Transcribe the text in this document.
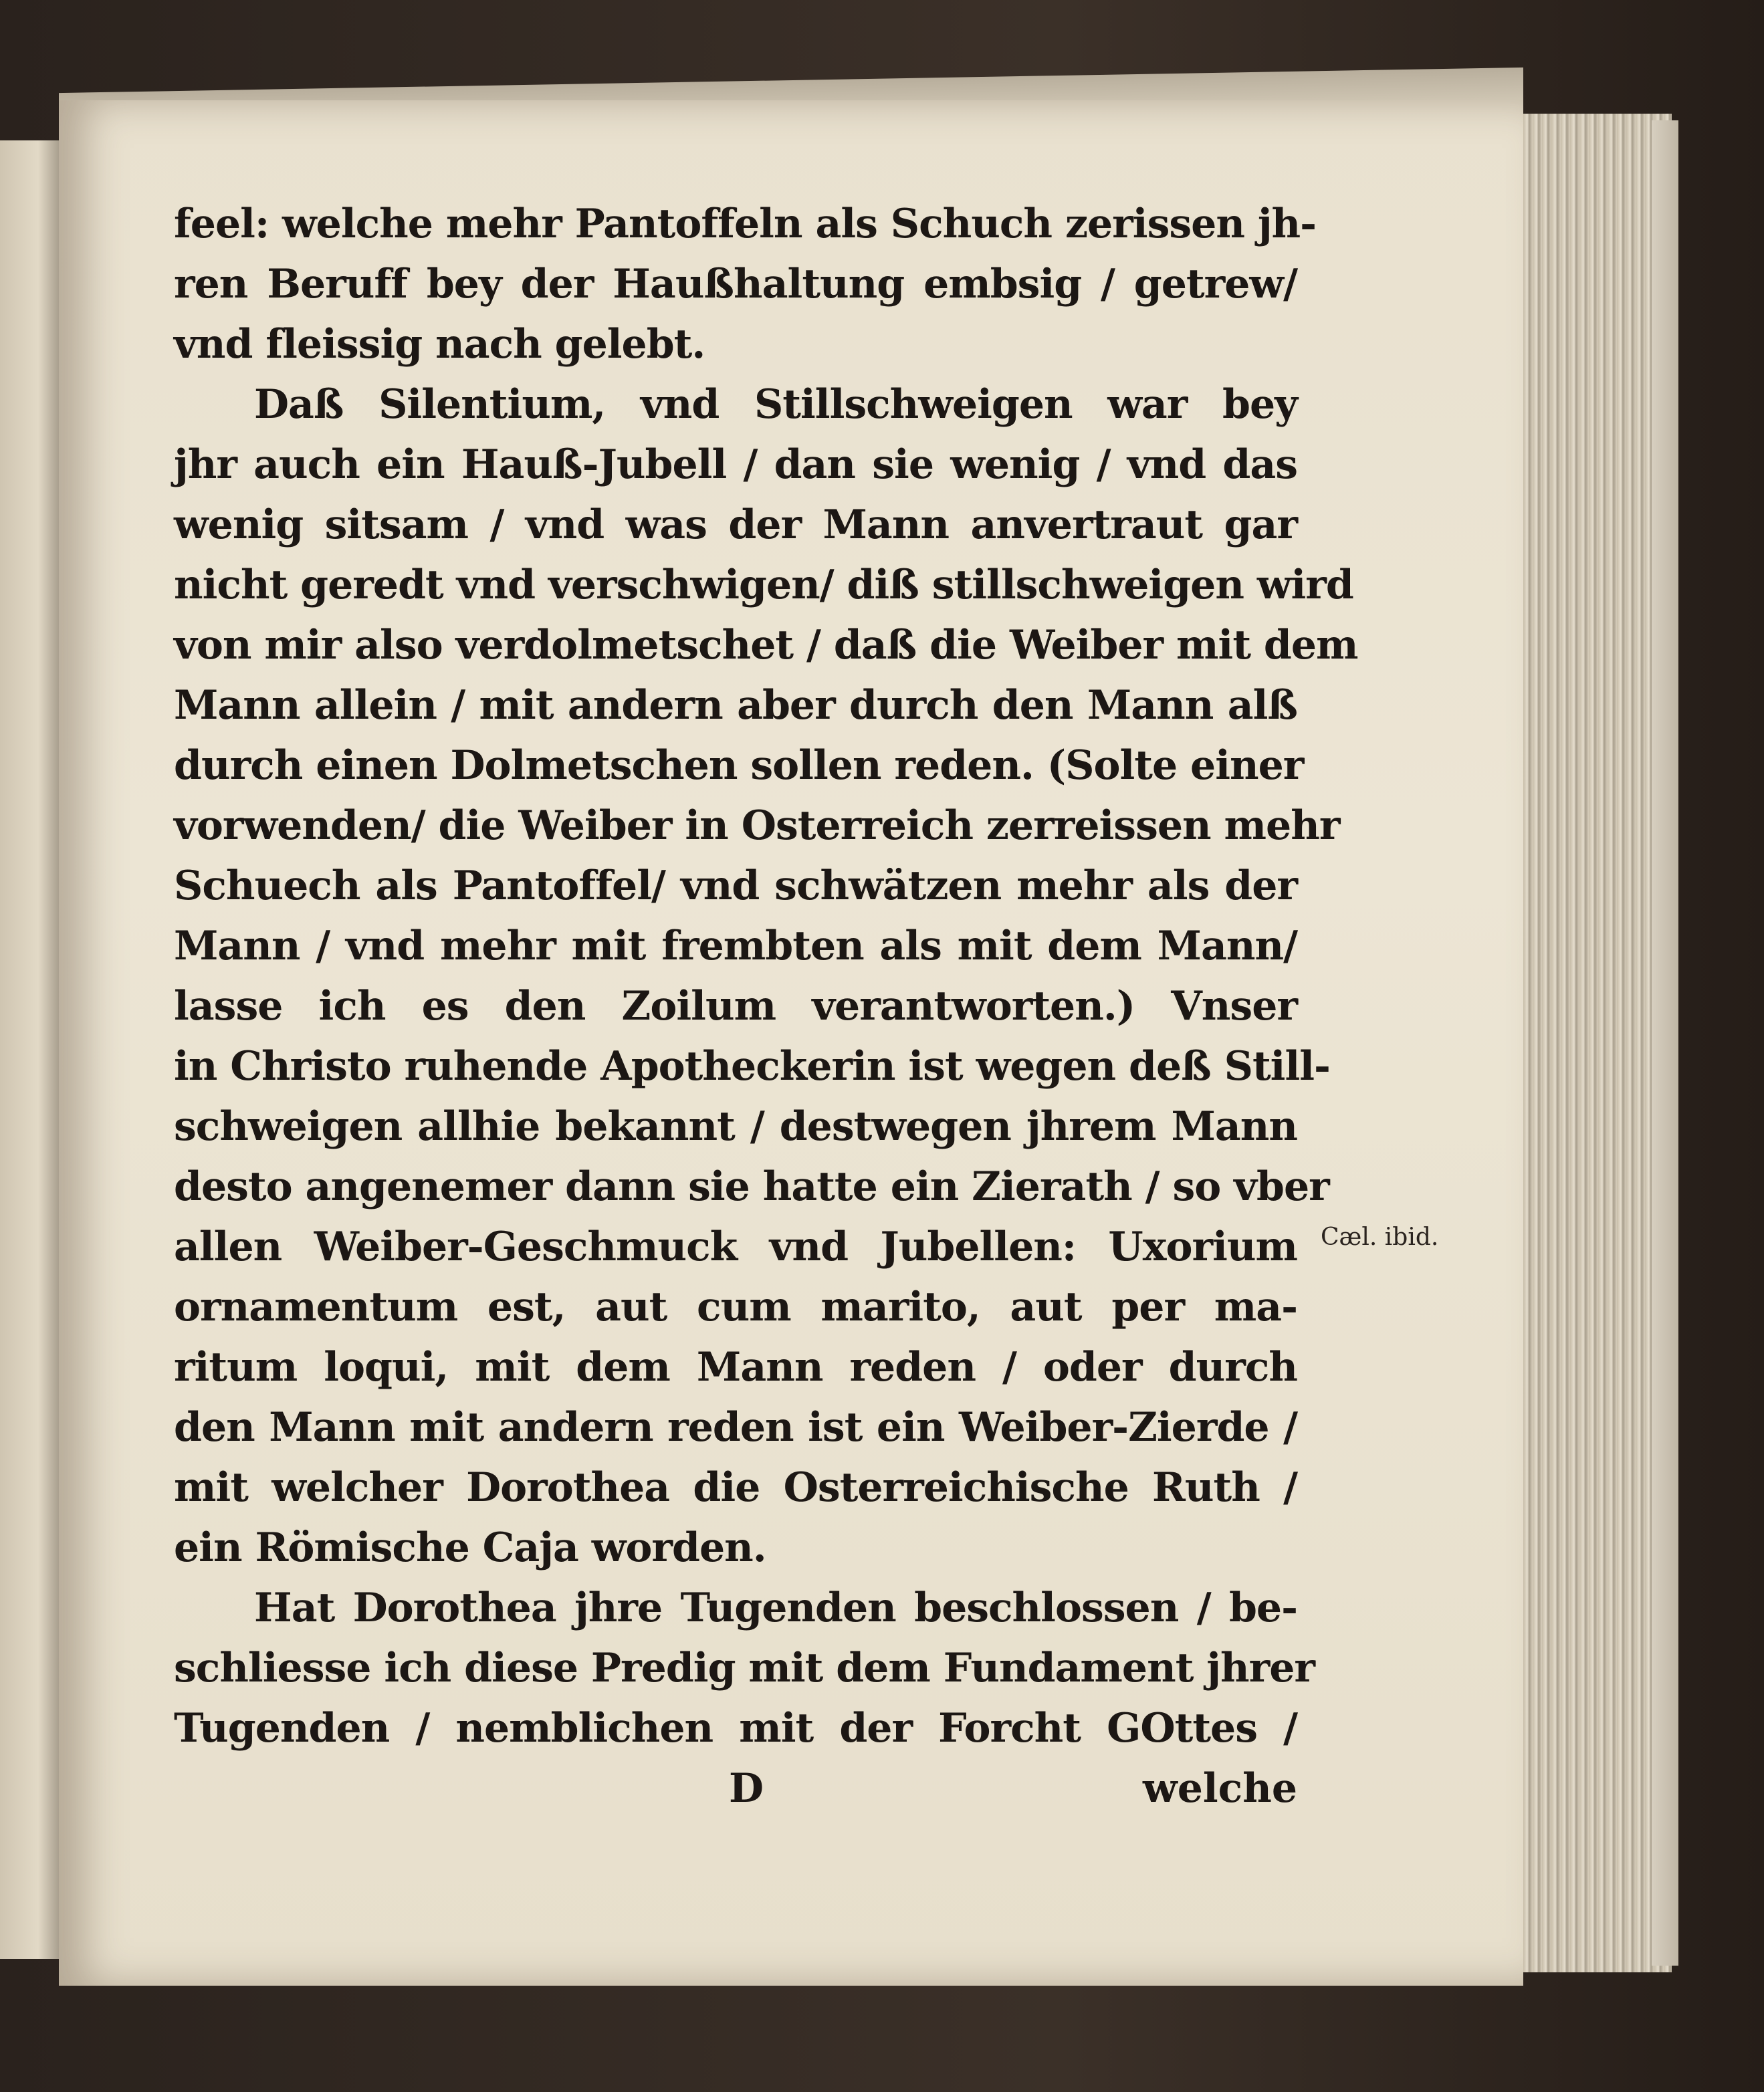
feel: welche mehr Pantoffeln als Schuch zerissen jh-
ren Beruff bey der Haußhaltung embsig / getrew/
vnd fleissig nach gelebt.
Daß Silentium, vnd Stillschweigen war bey
jhr auch ein Hauß-Jubell / dan sie wenig / vnd das
wenig sitsam / vnd was der Mann anvertraut gar
nicht geredt vnd verschwigen/ diß stillschweigen wird
von mir also verdolmetschet / daß die Weiber mit dem
Mann allein / mit andern aber durch den Mann alß
durch einen Dolmetschen sollen reden. (Solte einer
vorwenden/ die Weiber in Osterreich zerreissen mehr
Schuech als Pantoffel/ vnd schwätzen mehr als der
Mann / vnd mehr mit frembten als mit dem Mann/
lasse ich es den Zoilum verantworten.) Vnser
in Christo ruhende Apotheckerin ist wegen deß Still-
schweigen allhie bekannt / destwegen jhrem Mann
desto angenemer dann sie hatte ein Zierath / so vber
allen Weiber-Geschmuck vnd Jubellen: Uxorium
ornamentum est, aut cum marito, aut per ma-
ritum loqui, mit dem Mann reden / oder durch
den Mann mit andern reden ist ein Weiber-Zierde /
mit welcher Dorothea die Osterreichische Ruth /
ein Römische Caja worden.
Hat Dorothea jhre Tugenden beschlossen / be-
schliesse ich diese Predig mit dem Fundament jhrer
Tugenden / nemblichen mit der Forcht GOttes /
D	welche
Cæl. ibid.
